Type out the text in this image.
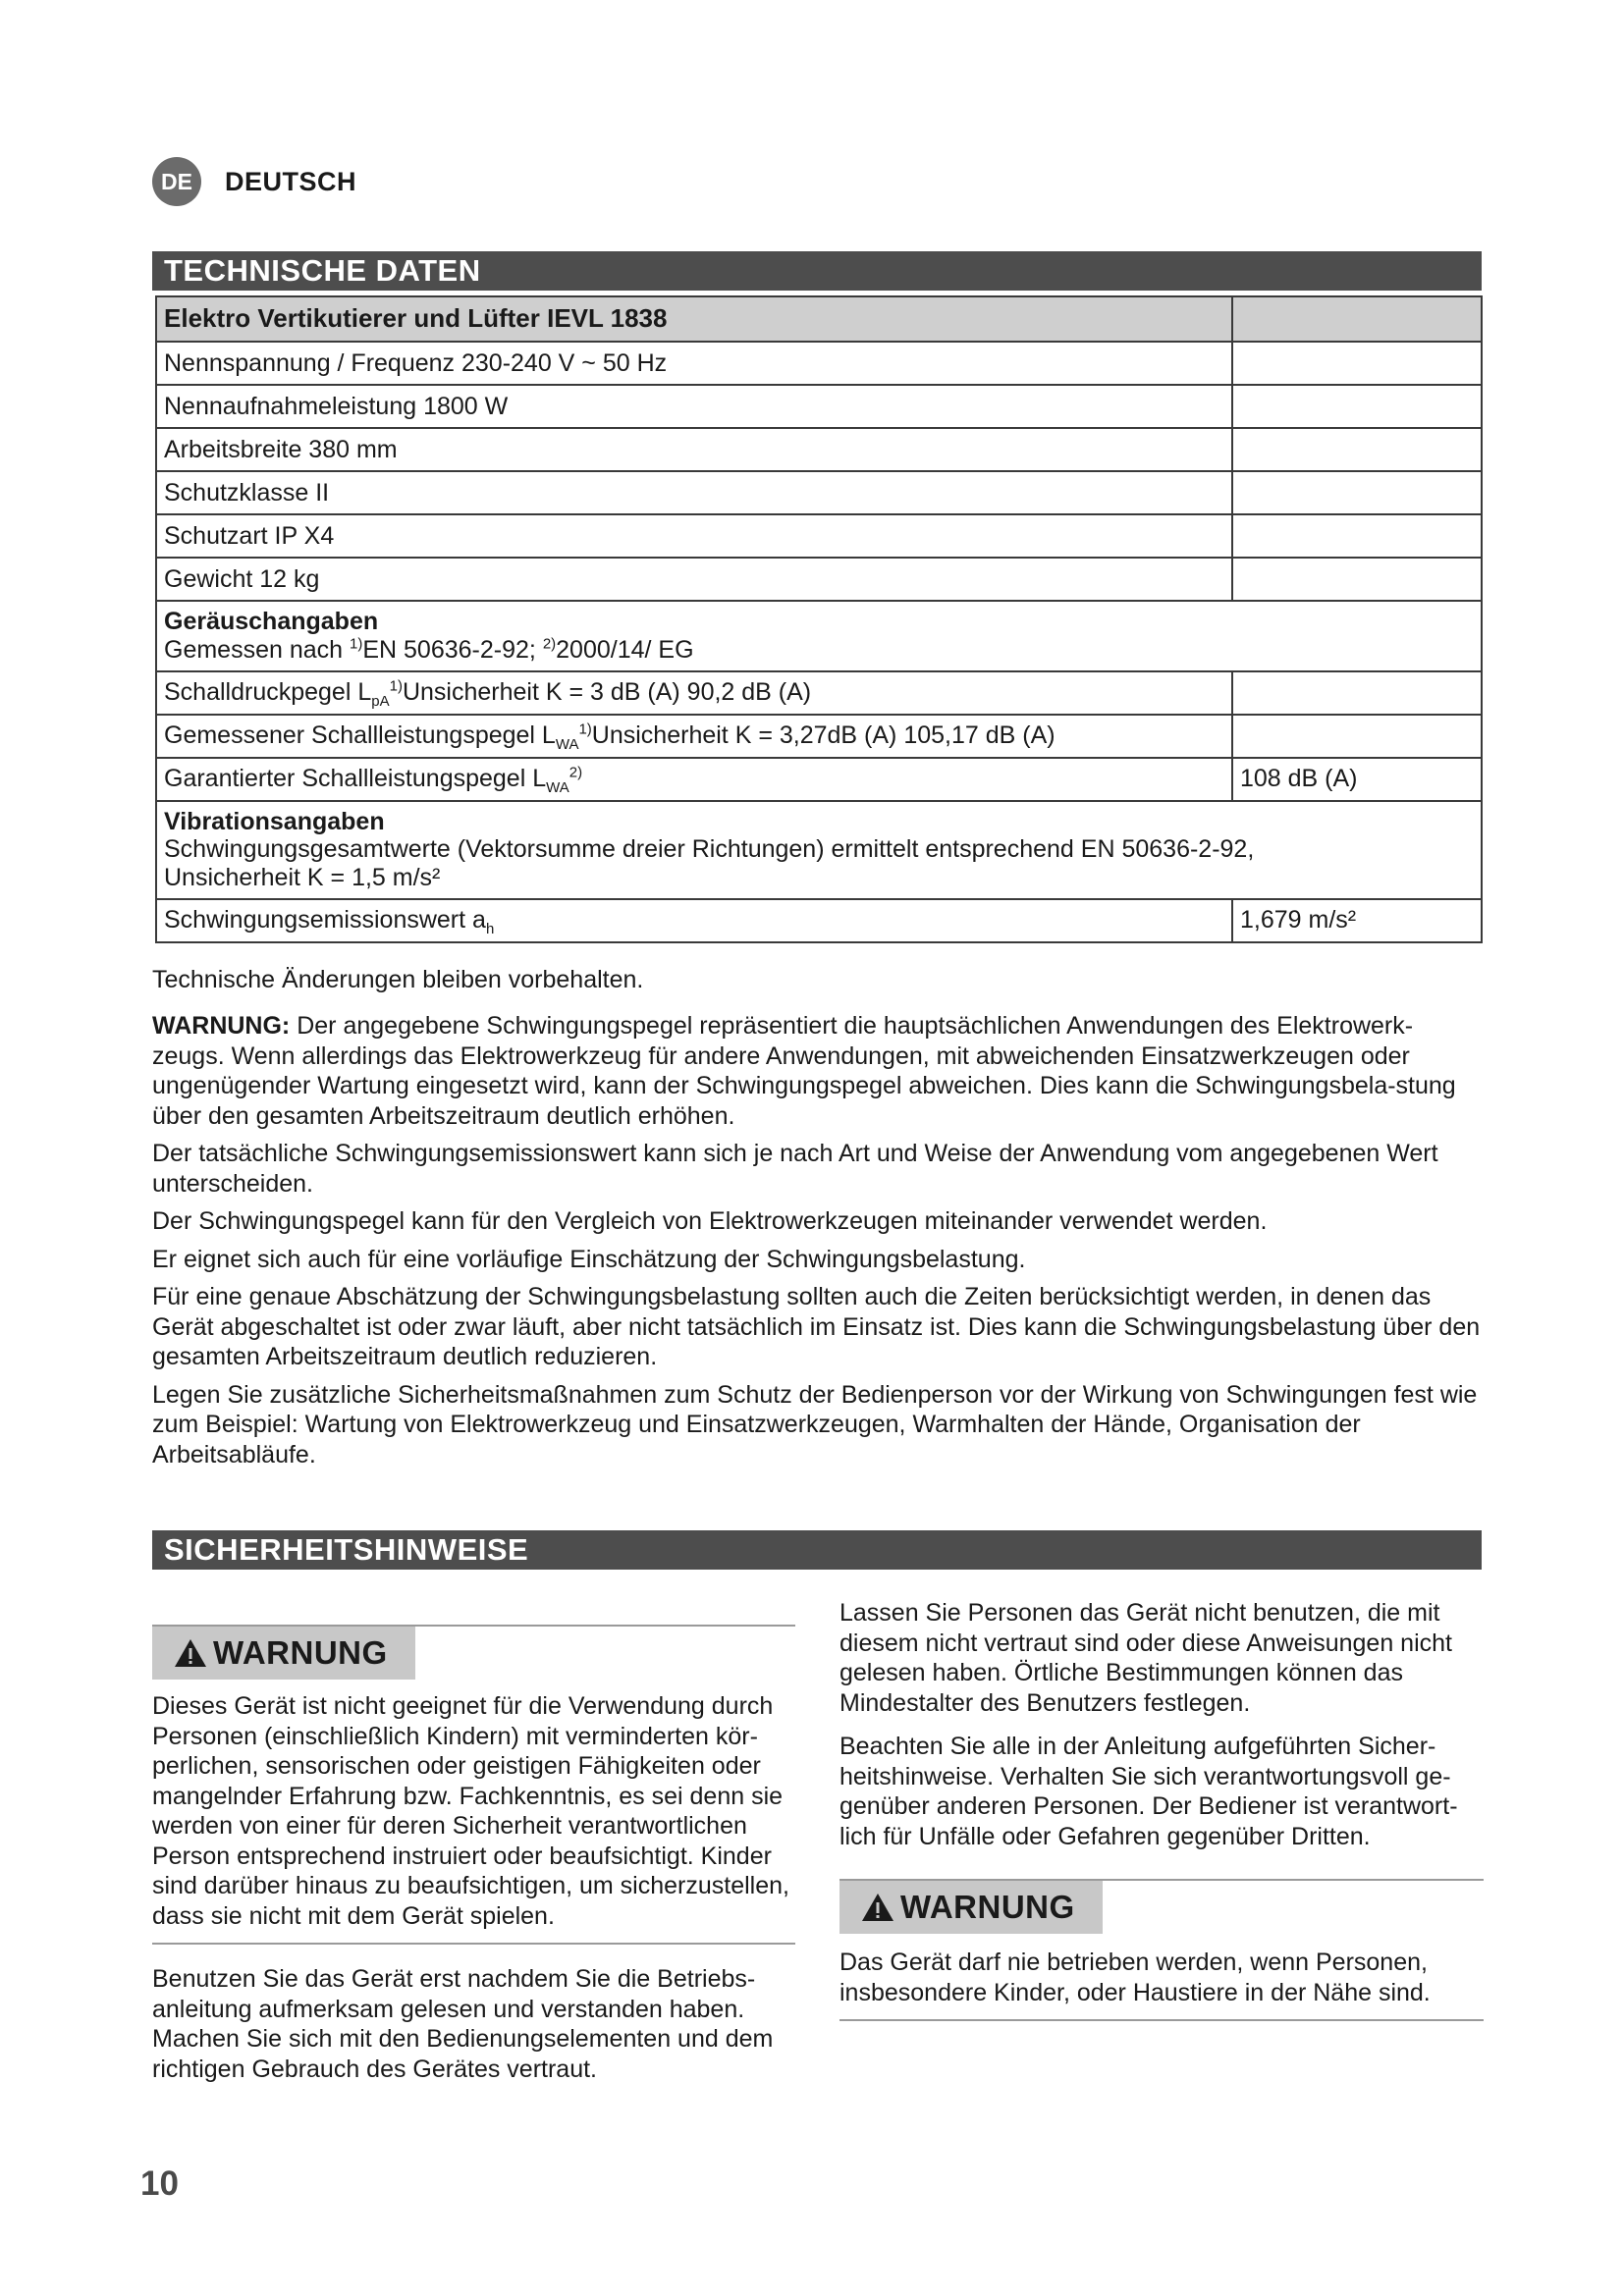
DE	DEUTSCH
TECHNISCHE DATEN
Elektro Vertikutierer und Lüfter IEVL 1838	
Nennspannung / Frequenz 230-240 V ~ 50 Hz	
Nennaufnahmeleistung 1800 W	
Arbeitsbreite 380 mm	
Schutzklasse II	
Schutzart IP X4	
Gewicht 12 kg	

Geräuschangaben
Gemessen nach $^{1)}$EN 50636-2-92; $^{2)}$2000/14/ EG	

Schalldruckpegel $L_{pA}^{1)}Unsicherheit$ K = 3 dB (A) 90,2 dB (A)	
Gemessener Schallleistungspegel $L_{WA}^{1)}Unsicherheit$ K = 3,27dB (A) 105,17 dB (A)	
Garantierter Schallleistungspegel $L_{WA}^{2)}$	108 dB (A)

Vibrationsangaben
Schwingungsgesamtwerte (Vektorsumme dreier Richtungen) ermittelt entsprechend EN 50636-2-92,
Unsicherheit K = 1,5 m/s²	

Schwingungsemissionswert $a_h$	1,679 m/s²
Technische Änderungen bleiben vorbehalten.

WARNUNG: Der angegebene Schwingungspegel repräsentiert die hauptsächlichen Anwendungen des Elektrowerk-zeugs. Wenn allerdings das Elektrowerkzeug für andere Anwendungen, mit abweichenden Einsatzwerkzeugen oder ungenügender Wartung eingesetzt wird, kann der Schwingungspegel abweichen. Dies kann die Schwingungsbela-stung über den gesamten Arbeitszeitraum deutlich erhöhen.

Der tatsächliche Schwingungsemissionswert kann sich je nach Art und Weise der Anwendung vom angegebenen Wert unterscheiden.

Der Schwingungspegel kann für den Vergleich von Elektrowerkzeugen miteinander verwendet werden.

Er eignet sich auch für eine vorläufige Einschätzung der Schwingungsbelastung.

Für eine genaue Abschätzung der Schwingungsbelastung sollten auch die Zeiten berücksichtigt werden, in denen das Gerät abgeschaltet ist oder zwar läuft, aber nicht tatsächlich im Einsatz ist. Dies kann die Schwingungsbelastung über den gesamten Arbeitszeitraum deutlich reduzieren.

Legen Sie zusätzliche Sicherheitsmaßnahmen zum Schutz der Bedienperson vor der Wirkung von Schwingungen fest wie zum Beispiel: Wartung von Elektrowerkzeug und Einsatzwerkzeugen, Warmhalten der Hände, Organisation der Arbeitsabläufe.

SICHERHEITSHINWEISE
WARNUNG

Dieses Gerät ist nicht geeignet für die Verwendung durch Personen (einschließlich Kindern) mit verminderten kör-perlichen, sensorischen oder geistigen Fähigkeiten oder mangelnder Erfahrung bzw. Fachkenntnis, es sei denn sie werden von einer für deren Sicherheit verantwortlichen Person entsprechend instruiert oder beaufsichtigt. Kinder sind darüber hinaus zu beaufsichtigen, um sicherzustellen, dass sie nicht mit dem Gerät spielen.

Benutzen Sie das Gerät erst nachdem Sie die Betriebs-anleitung aufmerksam gelesen und verstanden haben. Machen Sie sich mit den Bedienungselementen und dem richtigen Gebrauch des Gerätes vertraut.

Lassen Sie Personen das Gerät nicht benutzen, die mit diesem nicht vertraut sind oder diese Anweisungen nicht gelesen haben. Örtliche Bestimmungen können das Mindestalter des Benutzers festlegen.

Beachten Sie alle in der Anleitung aufgeführten Sicher-heitshinweise. Verhalten Sie sich verantwortungsvoll ge-genüber anderen Personen. Der Bediener ist verantwort-lich für Unfälle oder Gefahren gegenüber Dritten.

WARNUNG

Das Gerät darf nie betrieben werden, wenn Personen, insbesondere Kinder, oder Haustiere in der Nähe sind.

10
